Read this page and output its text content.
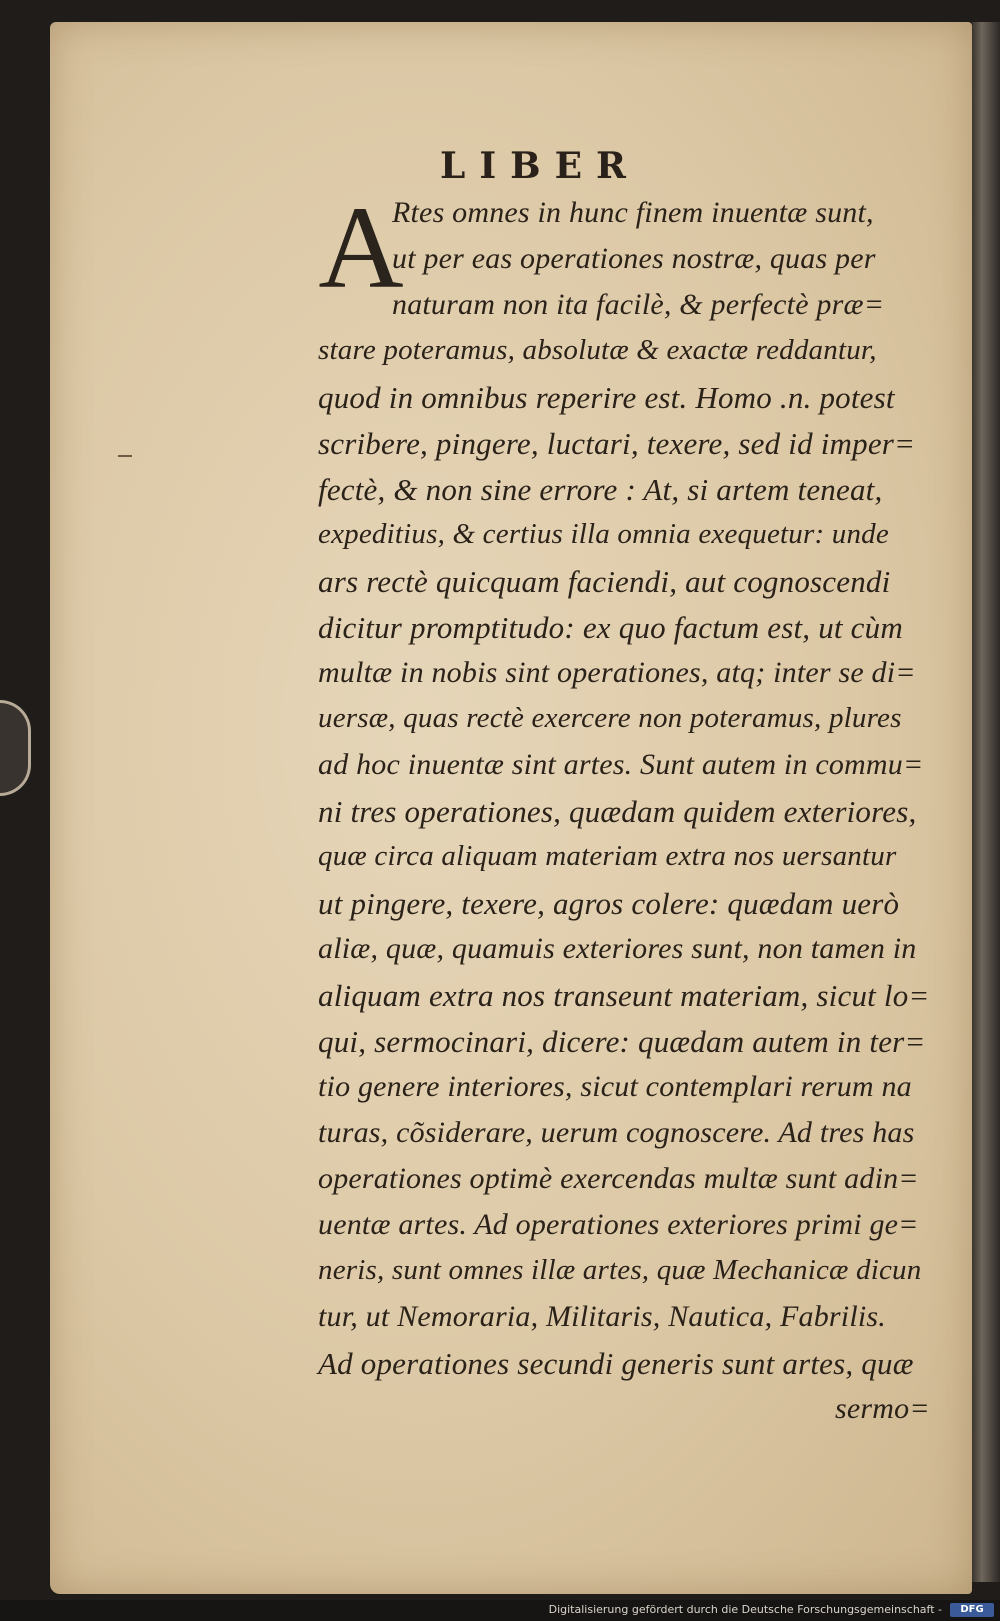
LIBER
A
Rtes omnes in hunc finem inuentæ sunt,
ut per eas operationes nostræ, quas per
naturam non ita facilè, & perfectè præ=
stare poteramus, absolutæ & exactæ reddantur,
quod in omnibus reperire est. Homo .n. potest
scribere, pingere, luctari, texere, sed id imper=
fectè, & non sine errore : At, si artem teneat,
expeditius, & certius illa omnia exequetur: unde
ars rectè quicquam faciendi, aut cognoscendi
dicitur promptitudo: ex quo factum est, ut cùm
multæ in nobis sint operationes, atq; inter se di=
uersæ, quas rectè exercere non poteramus, plures
ad hoc inuentæ sint artes. Sunt autem in commu=
ni tres operationes, quædam quidem exteriores,
quæ circa aliquam materiam extra nos uersantur
ut pingere, texere, agros colere: quædam uerò
aliæ, quæ, quamuis exteriores sunt, non tamen in
aliquam extra nos transeunt materiam, sicut lo=
qui, sermocinari, dicere: quædam autem in ter=
tio genere interiores, sicut contemplari rerum na
turas, cõsiderare, uerum cognoscere. Ad tres has
operationes optimè exercendas multæ sunt adin=
uentæ artes. Ad operationes exteriores primi ge=
neris, sunt omnes illæ artes, quæ Mechanicæ dicun
tur, ut Nemoraria, Militaris, Nautica, Fabrilis.
Ad operationes secundi generis sunt artes, quæ
sermo=
Digitalisierung gefördert durch die Deutsche Forschungsgemeinschaft -	DFG
